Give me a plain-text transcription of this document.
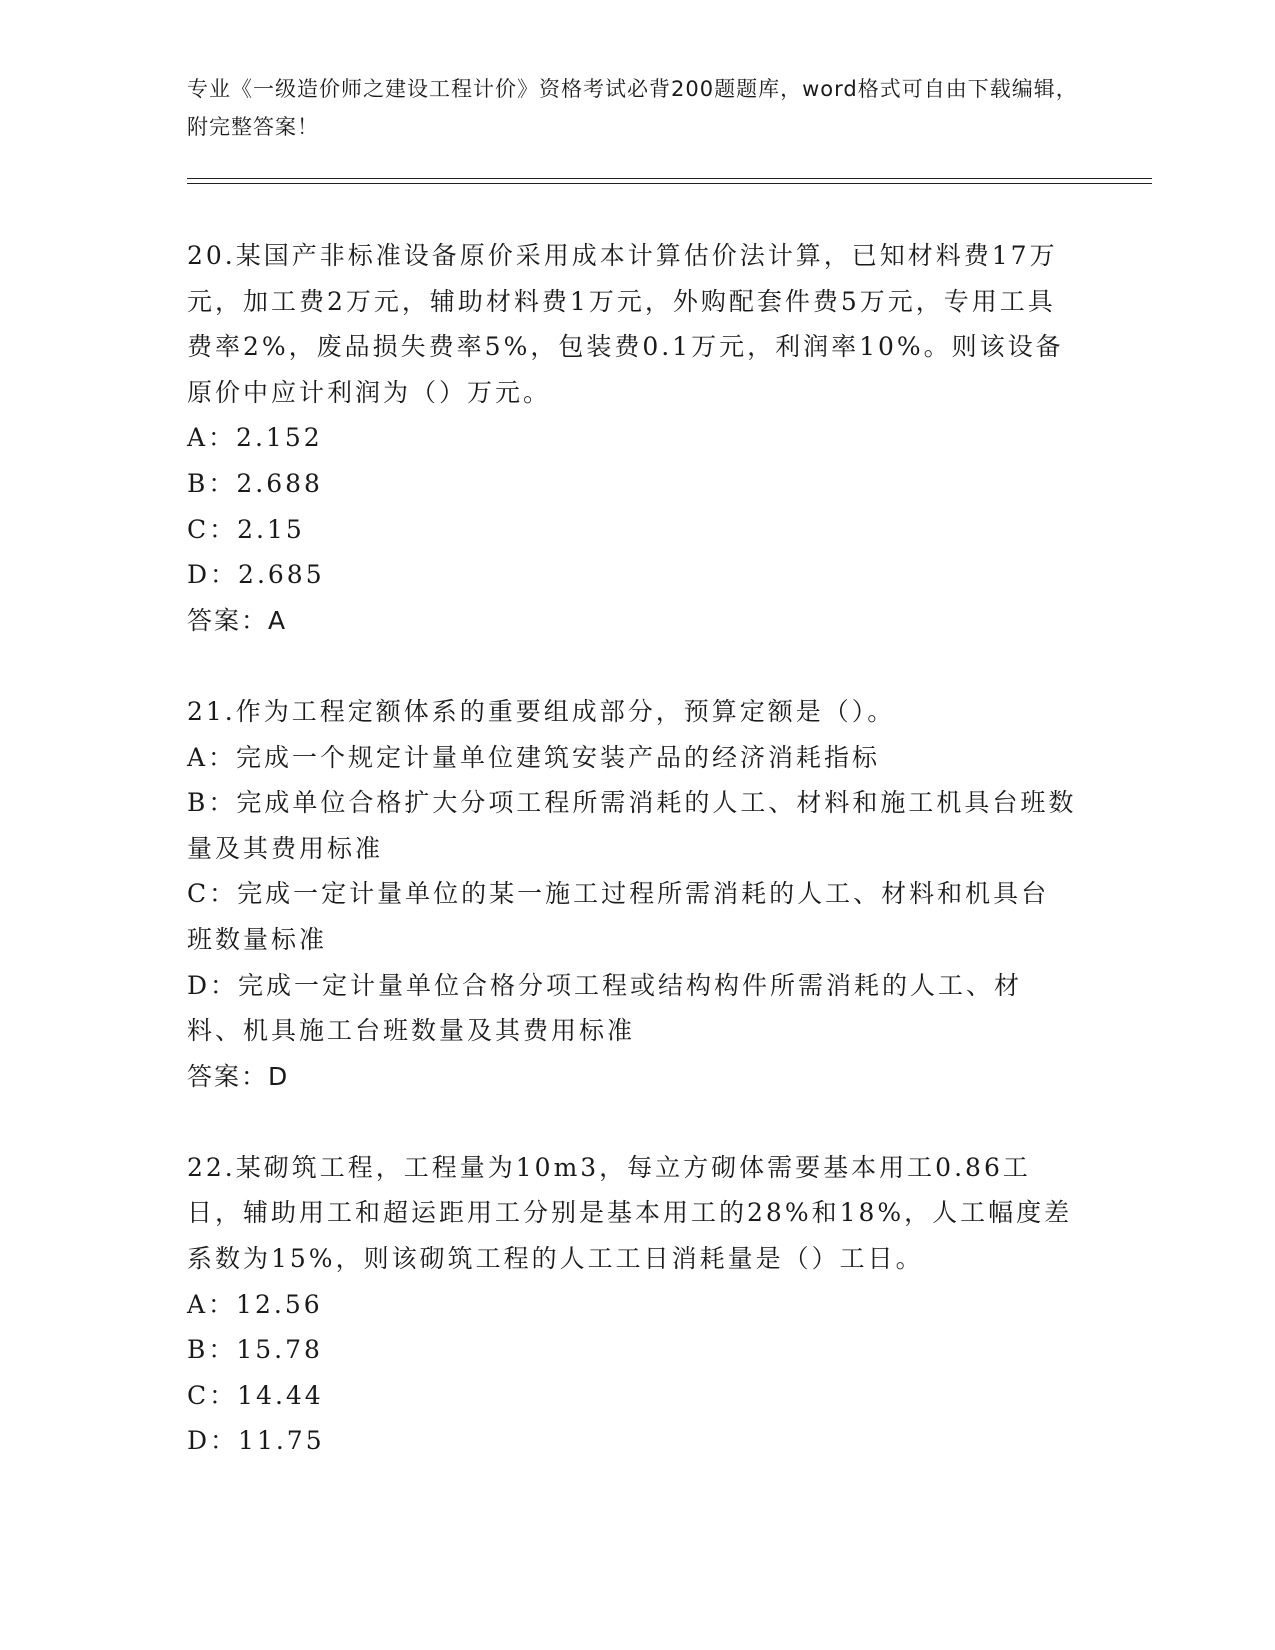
专业《一级造价师之建设工程计价》资格考试必背200题题库，word格式可自由下载编辑，附完整答案！

20.某国产非标准设备原价采用成本计算估价法计算，已知材料费17万元，加工费2万元，辅助材料费1万元，外购配套件费5万元，专用工具费率2%，废品损失费率5%，包装费0.1万元，利润率10%。则该设备原价中应计利润为（）万元。

A：2.152

B：2.688

C：2.15

D：2.685

答案：A

21.作为工程定额体系的重要组成部分，预算定额是（）。

A：完成一个规定计量单位建筑安装产品的经济消耗指标

B：完成单位合格扩大分项工程所需消耗的人工、材料和施工机具台班数量及其费用标准

C：完成一定计量单位的某一施工过程所需消耗的人工、材料和机具台班数量标准

D：完成一定计量单位合格分项工程或结构构件所需消耗的人工、材料、机具施工台班数量及其费用标准

答案：D

22.某砌筑工程，工程量为10m3，每立方砌体需要基本用工0.86工日，辅助用工和超运距用工分别是基本用工的28%和18%，人工幅度差系数为15%，则该砌筑工程的人工工日消耗量是（）工日。

A：12.56

B：15.78

C：14.44

D：11.75
